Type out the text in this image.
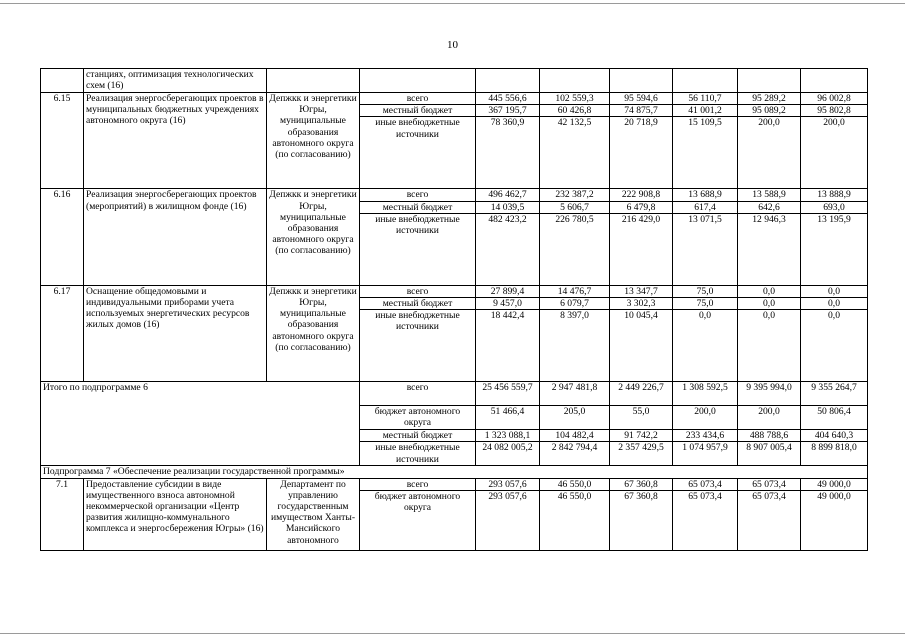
10
	станциях, оптимизация технологических схем (16)								
6.15	Реализация энергосберегающих проектов в муниципальных бюджетных учреждениях автономного округа (16)	Депжкк и энергетики Югры, муниципальные образования автономного округа (по согласованию)	всего	445 556,6	102 559,3	95 594,6	56 110,7	95 289,2	96 002,8
			местный бюджет	367 195,7	60 426,8	74 875,7	41 001,2	95 089,2	95 802,8
			иные внебюджетные источники	78 360,9	42 132,5	20 718,9	15 109,5	200,0	200,0
6.16	Реализация энергосберегающих проектов (мероприятий) в жилищном фонде (16)	Депжкк и энергетики Югры, муниципальные образования автономного округа (по согласованию)	всего	496 462,7	232 387,2	222 908,8	13 688,9	13 588,9	13 888,9
			местный бюджет	14 039,5	5 606,7	6 479,8	617,4	642,6	693,0
			иные внебюджетные источники	482 423,2	226 780,5	216 429,0	13 071,5	12 946,3	13 195,9
6.17	Оснащение общедомовыми и индивидуальными приборами учета используемых энергетических ресурсов жилых домов (16)	Депжкк и энергетики Югры, муниципальные образования автономного округа (по согласованию)	всего	27 899,4	14 476,7	13 347,7	75,0	0,0	0,0
			местный бюджет	9 457,0	6 079,7	3 302,3	75,0	0,0	0,0
			иные внебюджетные источники	18 442,4	8 397,0	10 045,4	0,0	0,0	0,0
Итого по подпрограмме 6			всего	25 456 559,7	2 947 481,8	2 449 226,7	1 308 592,5	9 395 994,0	9 355 264,7
			бюджет автономного округа	51 466,4	205,0	55,0	200,0	200,0	50 806,4
			местный бюджет	1 323 088,1	104 482,4	91 742,2	233 434,6	488 788,6	404 640,3
			иные внебюджетные источники	24 082 005,2	2 842 794,4	2 357 429,5	1 074 957,9	8 907 005,4	8 899 818,0
Подпрограмма 7 «Обеспечение реализации государственной программы»									
7.1	Предоставление субсидии в виде имущественного взноса автономной некоммерческой организации «Центр развития жилищно-коммунального комплекса и энергосбережения Югры» (16)	Департамент по управлению государственным имуществом Ханты-Мансийского автономного	всего	293 057,6	46 550,0	67 360,8	65 073,4	65 073,4	49 000,0
			бюджет автономного округа	293 057,6	46 550,0	67 360,8	65 073,4	65 073,4	49 000,0
